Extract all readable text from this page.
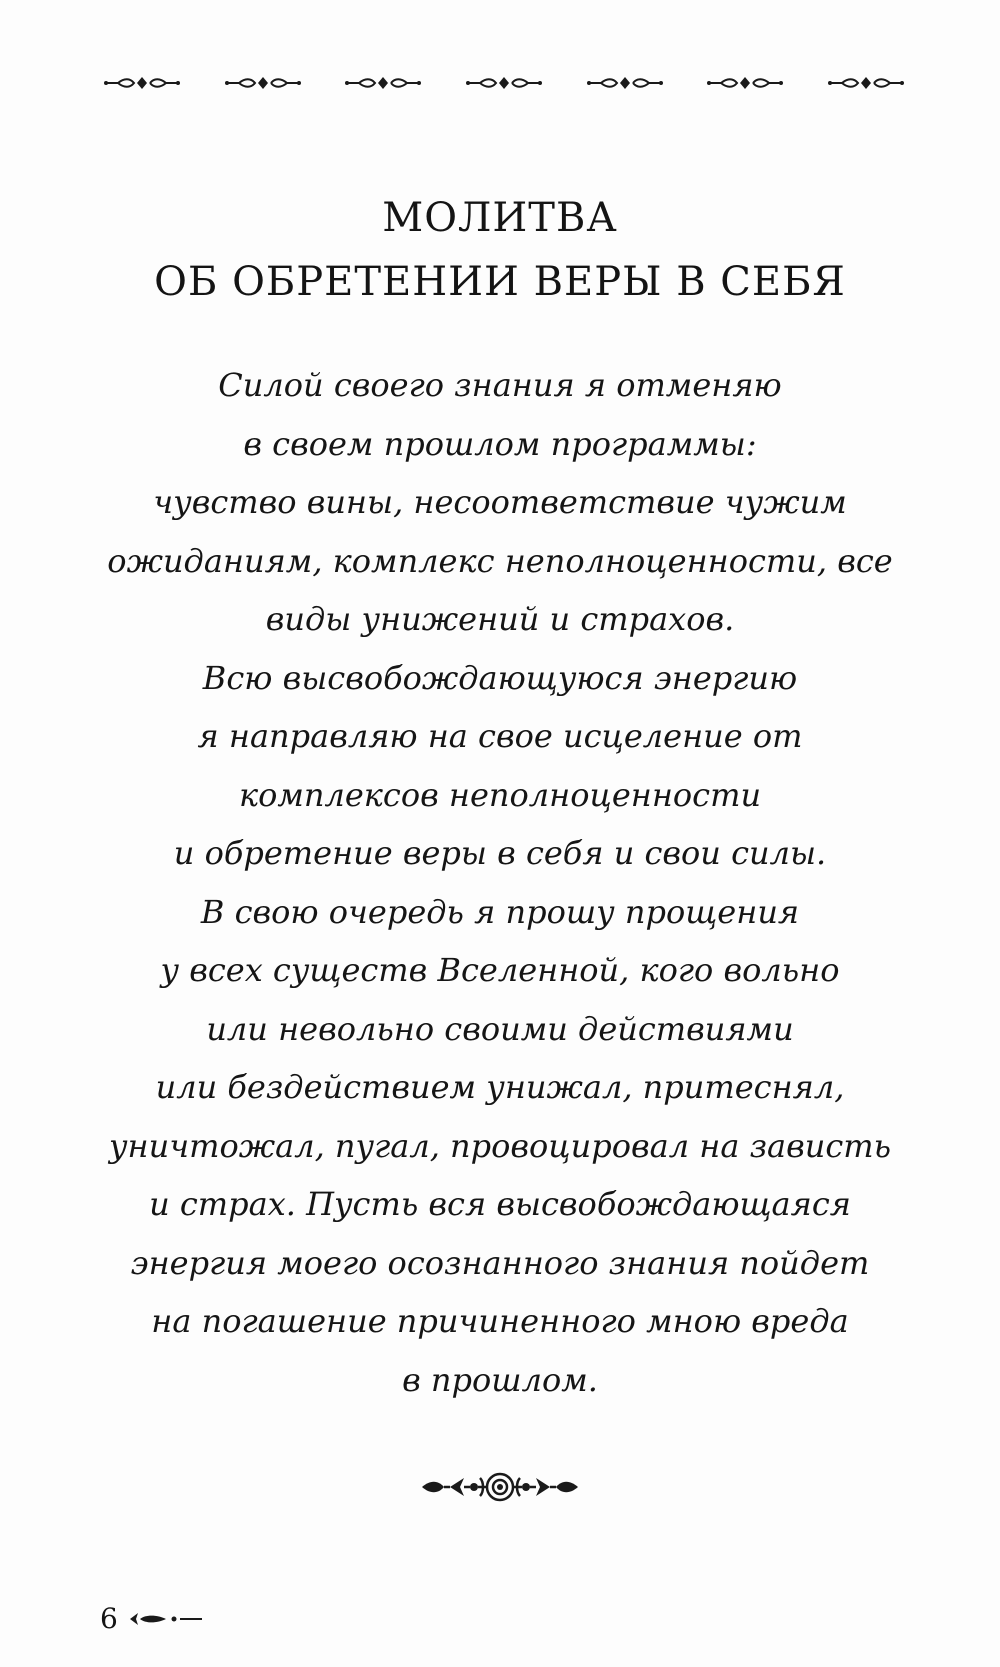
МОЛИТВА
ОБ ОБРЕТЕНИИ ВЕРЫ В СЕБЯ

Силой своего знания я отменяю
в своем прошлом программы:
чувство вины, несоответствие чужим
ожиданиям, комплекс неполноценности, все
виды унижений и страхов.
Всю высвобождающуюся энергию
я направляю на свое исцеление от
комплексов неполноценности
и обретение веры в себя и свои силы.
В свою очередь я прошу прощения
у всех существ Вселенной, кого вольно
или невольно своими действиями
или бездействием унижал, притеснял,
уничтожал, пугал, провоцировал на зависть
и страх. Пусть вся высвобождающаяся
энергия моего осознанного знания пойдет
на погашение причиненного мною вреда
в прошлом.

6
